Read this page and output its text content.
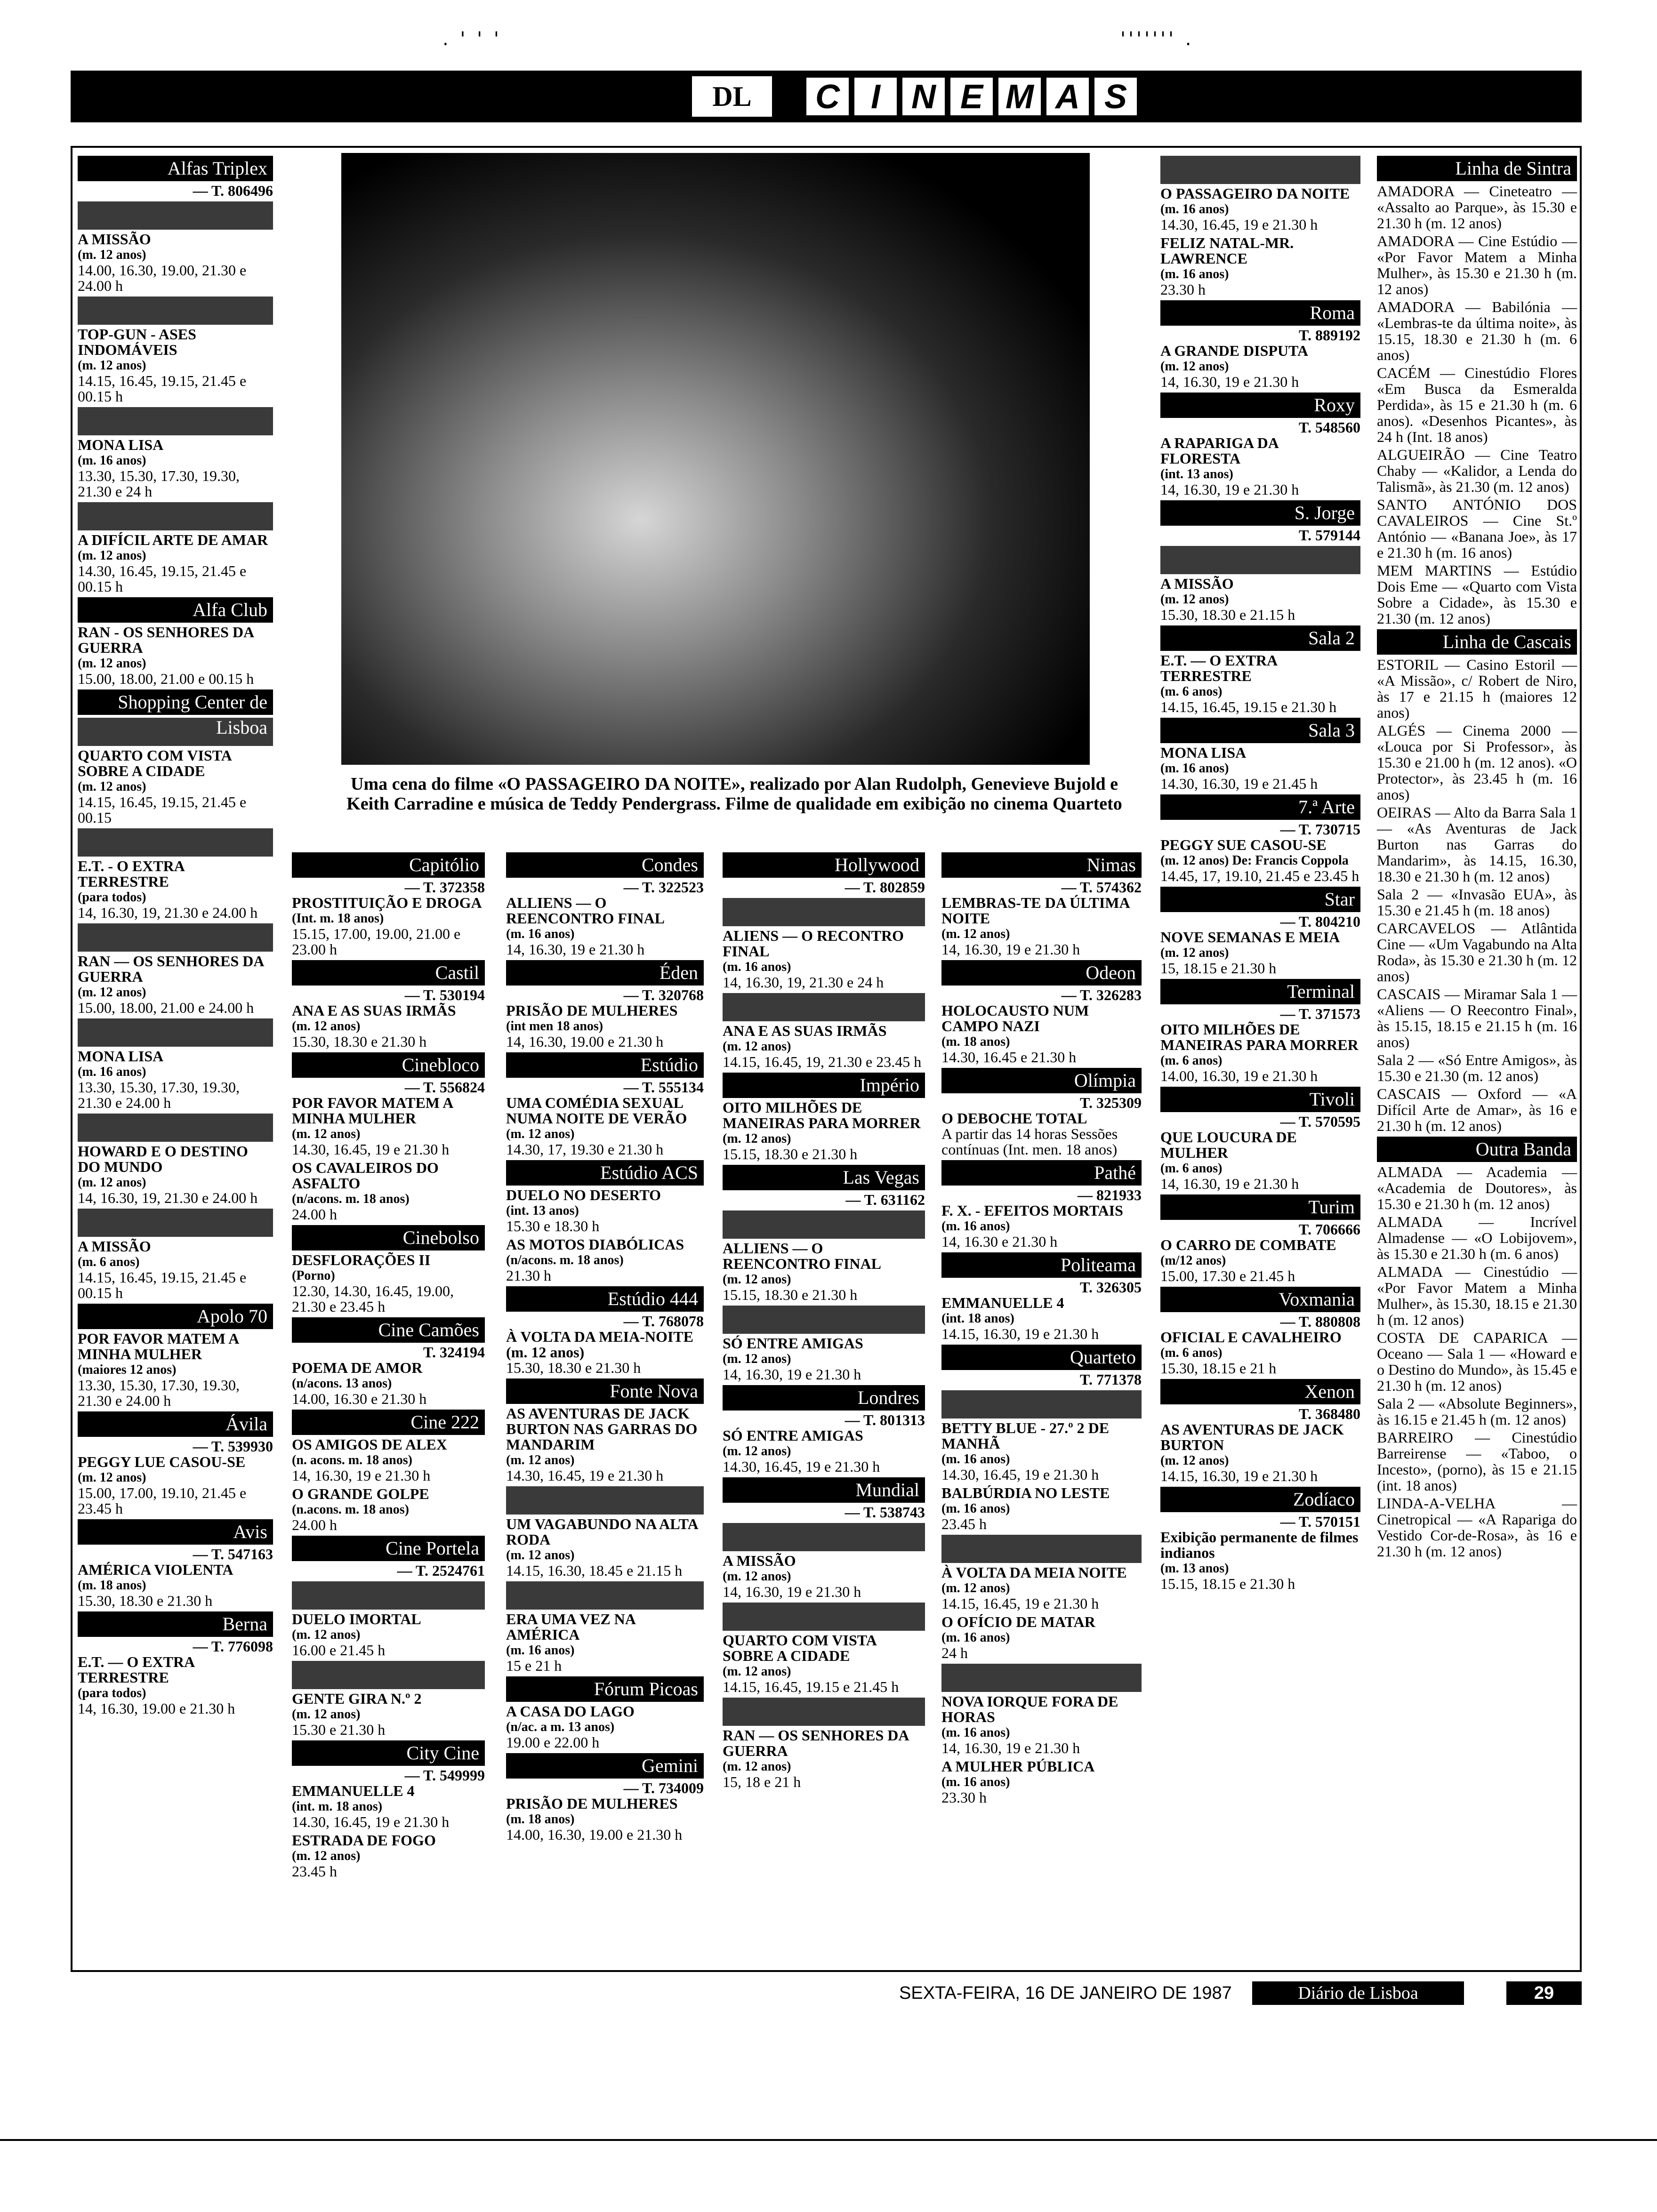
. ' ' '	''''''' .
DL	C I N E M A S
Uma cena do filme «O PASSAGEIRO DA NOITE», realizado por Alan Rudolph, Genevieve Bujold e Keith Carradine e música de Teddy Pendergrass. Filme de qualidade em exibição no cinema Quarteto
Alfas Triplex
— T. 806496
A MISSÃO
(m. 12 anos)
14.00, 16.30, 19.00, 21.30 e 24.00 h
TOP-GUN - ASES INDOMÁVEIS
(m. 12 anos)
14.15, 16.45, 19.15, 21.45 e 00.15 h
MONA LISA
(m. 16 anos)
13.30, 15.30, 17.30, 19.30, 21.30 e 24 h
A DIFÍCIL ARTE DE AMAR
(m. 12 anos)
14.30, 16.45, 19.15, 21.45 e 00.15 h
Alfa Club
RAN - OS SENHORES DA GUERRA
(m. 12 anos)
15.00, 18.00, 21.00 e 00.15 h
Shopping Center de Lisboa
QUARTO COM VISTA SOBRE A CIDADE
(m. 12 anos)
14.15, 16.45, 19.15, 21.45 e 00.15
E.T. - O EXTRA TERRESTRE
(para todos)
14, 16.30, 19, 21.30 e 24.00 h
RAN — OS SENHORES DA GUERRA
(m. 12 anos)
15.00, 18.00, 21.00 e 24.00 h
MONA LISA
(m. 16 anos)
13.30, 15.30, 17.30, 19.30, 21.30 e 24.00 h
HOWARD E O DESTINO DO MUNDO
(m. 12 anos)
14, 16.30, 19, 21.30 e 24.00 h
A MISSÃO
(m. 6 anos)
14.15, 16.45, 19.15, 21.45 e 00.15 h
Apolo 70
POR FAVOR MATEM A MINHA MULHER
(maiores 12 anos)
13.30, 15.30, 17.30, 19.30, 21.30 e 24.00 h
Ávila
— T. 539930
PEGGY LUE CASOU-SE
(m. 12 anos)
15.00, 17.00, 19.10, 21.45 e 23.45 h
Avis
— T. 547163
AMÉRICA VIOLENTA
(m. 18 anos)
15.30, 18.30 e 21.30 h
Berna
— T. 776098
E.T. — O EXTRA TERRESTRE
(para todos)
14, 16.30, 19.00 e 21.30 h
Capitólio
— T. 372358
PROSTITUIÇÃO E DROGA
(Int. m. 18 anos)
15.15, 17.00, 19.00, 21.00 e 23.00 h
Castil
— T. 530194
ANA E AS SUAS IRMÃS
(m. 12 anos)
15.30, 18.30 e 21.30 h
Cinebloco
— T. 556824
POR FAVOR MATEM A MINHA MULHER
(m. 12 anos)
14.30, 16.45, 19 e 21.30 h
OS CAVALEIROS DO ASFALTO
(n/acons. m. 18 anos)
24.00 h
Cinebolso
DESFLORAÇÕES II
(Porno)
12.30, 14.30, 16.45, 19.00, 21.30 e 23.45 h
Cine Camões
T. 324194
POEMA DE AMOR
(n/acons. 13 anos)
14.00, 16.30 e 21.30 h
Cine 222
OS AMIGOS DE ALEX
(n. acons. m. 18 anos)
14, 16.30, 19 e 21.30 h
O GRANDE GOLPE
(n.acons. m. 18 anos)
24.00 h
Cine Portela
— T. 2524761
DUELO IMORTAL
(m. 12 anos)
16.00 e 21.45 h
GENTE GIRA N.º 2
(m. 12 anos)
15.30 e 21.30 h
City Cine
— T. 549999
EMMANUELLE 4
(int. m. 18 anos)
14.30, 16.45, 19 e 21.30 h
ESTRADA DE FOGO
(m. 12 anos)
23.45 h
Condes
— T. 322523
ALLIENS — O REENCONTRO FINAL
(m. 16 anos)
14, 16.30, 19 e 21.30 h
Éden
— T. 320768
PRISÃO DE MULHERES
(int men 18 anos)
14, 16.30, 19.00 e 21.30 h
Estúdio
— T. 555134
UMA COMÉDIA SEXUAL NUMA NOITE DE VERÃO
(m. 12 anos)
14.30, 17, 19.30 e 21.30 h
Estúdio ACS
DUELO NO DESERTO
(int. 13 anos)
15.30 e 18.30 h
AS MOTOS DIABÓLICAS
(n/acons. m. 18 anos)
21.30 h
Estúdio 444
— T. 768078
À VOLTA DA MEIA-NOITE (m. 12 anos)
15.30, 18.30 e 21.30 h
Fonte Nova
AS AVENTURAS DE JACK BURTON NAS GARRAS DO MANDARIM
(m. 12 anos)
14.30, 16.45, 19 e 21.30 h
UM VAGABUNDO NA ALTA RODA
(m. 12 anos)
14.15, 16.30, 18.45 e 21.15 h
ERA UMA VEZ NA AMÉRICA
(m. 16 anos)
15 e 21 h
Fórum Picoas
A CASA DO LAGO
(n/ac. a m. 13 anos)
19.00 e 22.00 h
Gemini
— T. 734009
PRISÃO DE MULHERES
(m. 18 anos)
14.00, 16.30, 19.00 e 21.30 h
Hollywood
— T. 802859
ALIENS — O RECONTRO FINAL
(m. 16 anos)
14, 16.30, 19, 21.30 e 24 h
ANA E AS SUAS IRMÃS
(m. 12 anos)
14.15, 16.45, 19, 21.30 e 23.45 h
Império
OITO MILHÕES DE MANEIRAS PARA MORRER
(m. 12 anos)
15.15, 18.30 e 21.30 h
Las Vegas
— T. 631162
ALLIENS — O REENCONTRO FINAL
(m. 12 anos)
15.15, 18.30 e 21.30 h
SÓ ENTRE AMIGAS
(m. 12 anos)
14, 16.30, 19 e 21.30 h
Londres
— T. 801313
SÓ ENTRE AMIGAS
(m. 12 anos)
14.30, 16.45, 19 e 21.30 h
Mundial
— T. 538743
A MISSÃO
(m. 12 anos)
14, 16.30, 19 e 21.30 h
QUARTO COM VISTA SOBRE A CIDADE
(m. 12 anos)
14.15, 16.45, 19.15 e 21.45 h
RAN — OS SENHORES DA GUERRA
(m. 12 anos)
15, 18 e 21 h
Nimas
— T. 574362
LEMBRAS-TE DA ÚLTIMA NOITE
(m. 12 anos)
14, 16.30, 19 e 21.30 h
Odeon
— T. 326283
HOLOCAUSTO NUM CAMPO NAZI
(m. 18 anos)
14.30, 16.45 e 21.30 h
Olímpia
T. 325309
O DEBOCHE TOTAL
A partir das 14 horas Sessões contínuas (Int. men. 18 anos)
Pathé
— 821933
F. X. - EFEITOS MORTAIS
(m. 16 anos)
14, 16.30 e 21.30 h
Politeama
T. 326305
EMMANUELLE 4
(int. 18 anos)
14.15, 16.30, 19 e 21.30 h
Quarteto
T. 771378
BETTY BLUE - 27.º 2 DE MANHÃ
(m. 16 anos)
14.30, 16.45, 19 e 21.30 h
BALBÚRDIA NO LESTE
(m. 16 anos)
23.45 h
À VOLTA DA MEIA NOITE
(m. 12 anos)
14.15, 16.45, 19 e 21.30 h
O OFÍCIO DE MATAR
(m. 16 anos)
24 h
NOVA IORQUE FORA DE HORAS
(m. 16 anos)
14, 16.30, 19 e 21.30 h
A MULHER PÚBLICA
(m. 16 anos)
23.30 h
O PASSAGEIRO DA NOITE
(m. 16 anos)
14.30, 16.45, 19 e 21.30 h
FELIZ NATAL-MR. LAWRENCE
(m. 16 anos)
23.30 h
Roma
T. 889192
A GRANDE DISPUTA
(m. 12 anos)
14, 16.30, 19 e 21.30 h
Roxy
T. 548560
A RAPARIGA DA FLORESTA
(int. 13 anos)
14, 16.30, 19 e 21.30 h
S. Jorge
T. 579144
A MISSÃO
(m. 12 anos)
15.30, 18.30 e 21.15 h
Sala 2
E.T. — O EXTRA TERRESTRE
(m. 6 anos)
14.15, 16.45, 19.15 e 21.30 h
Sala 3
MONA LISA
(m. 16 anos)
14.30, 16.30, 19 e 21.45 h
7.ª Arte
— T. 730715
PEGGY SUE CASOU-SE
(m. 12 anos) De: Francis Coppola
14.45, 17, 19.10, 21.45 e 23.45 h
Star
— T. 804210
NOVE SEMANAS E MEIA
(m. 12 anos)
15, 18.15 e 21.30 h
Terminal
— T. 371573
OITO MILHÕES DE MANEIRAS PARA MORRER
(m. 6 anos)
14.00, 16.30, 19 e 21.30 h
Tivoli
— T. 570595
QUE LOUCURA DE MULHER
(m. 6 anos)
14, 16.30, 19 e 21.30 h
Turim
T. 706666
O CARRO DE COMBATE
(m/12 anos)
15.00, 17.30 e 21.45 h
Voxmania
— T. 880808
OFICIAL E CAVALHEIRO
(m. 6 anos)
15.30, 18.15 e 21 h
Xenon
T. 368480
AS AVENTURAS DE JACK BURTON
(m. 12 anos)
14.15, 16.30, 19 e 21.30 h
Zodíaco
— T. 570151
Exibição permanente de filmes indianos
(m. 13 anos)
15.15, 18.15 e 21.30 h
Linha de Sintra
AMADORA — Cineteatro — «Assalto ao Parque», às 15.30 e 21.30 h (m. 12 anos)
AMADORA — Cine Estúdio — «Por Favor Matem a Minha Mulher», às 15.30 e 21.30 h (m. 12 anos)
AMADORA — Babilónia — «Lembras-te da última noite», às 15.15, 18.30 e 21.30 h (m. 6 anos)
CACÉM — Cinestúdio Flores «Em Busca da Esmeralda Perdida», às 15 e 21.30 h (m. 6 anos). «Desenhos Picantes», às 24 h (Int. 18 anos)
ALGUEIRÃO — Cine Teatro Chaby — «Kalidor, a Lenda do Talismã», às 21.30 (m. 12 anos)
SANTO ANTÓNIO DOS CAVALEIROS — Cine St.º António — «Banana Joe», às 17 e 21.30 h (m. 16 anos)
MEM MARTINS — Estúdio Dois Eme — «Quarto com Vista Sobre a Cidade», às 15.30 e 21.30 (m. 12 anos)
Linha de Cascais
ESTORIL — Casino Estoril — «A Missão», c/ Robert de Niro, às 17 e 21.15 h (maiores 12 anos)
ALGÉS — Cinema 2000 — «Louca por Si Professor», às 15.30 e 21.00 h (m. 12 anos). «O Protector», às 23.45 h (m. 16 anos)
OEIRAS — Alto da Barra Sala 1 — «As Aventuras de Jack Burton nas Garras do Mandarim», às 14.15, 16.30, 18.30 e 21.30 h (m. 12 anos)
Sala 2 — «Invasão EUA», às 15.30 e 21.45 h (m. 18 anos)
CARCAVELOS — Atlântida Cine — «Um Vagabundo na Alta Roda», às 15.30 e 21.30 h (m. 12 anos)
CASCAIS — Miramar Sala 1 — «Aliens — O Reecontro Final», às 15.15, 18.15 e 21.15 h (m. 16 anos)
Sala 2 — «Só Entre Amigos», às 15.30 e 21.30 (m. 12 anos)
CASCAIS — Oxford — «A Difícil Arte de Amar», às 16 e 21.30 h (m. 12 anos)
Outra Banda
ALMADA — Academia — «Academia de Doutores», às 15.30 e 21.30 h (m. 12 anos)
ALMADA — Incrível Almadense — «O Lobijovem», às 15.30 e 21.30 h (m. 6 anos)
ALMADA — Cinestúdio — «Por Favor Matem a Minha Mulher», às 15.30, 18.15 e 21.30 h (m. 12 anos)
COSTA DE CAPARICA — Oceano — Sala 1 — «Howard e o Destino do Mundo», às 15.45 e 21.30 h (m. 12 anos)
Sala 2 — «Absolute Beginners», às 16.15 e 21.45 h (m. 12 anos)
BARREIRO — Cinestúdio Barreirense — «Taboo, o Incesto», (porno), às 15 e 21.15 (int. 18 anos)
LINDA-A-VELHA — Cinetropical — «A Rapariga do Vestido Cor-de-Rosa», às 16 e 21.30 h (m. 12 anos)
SEXTA-FEIRA, 16 DE JANEIRO DE 1987	Diário de Lisboa	29
